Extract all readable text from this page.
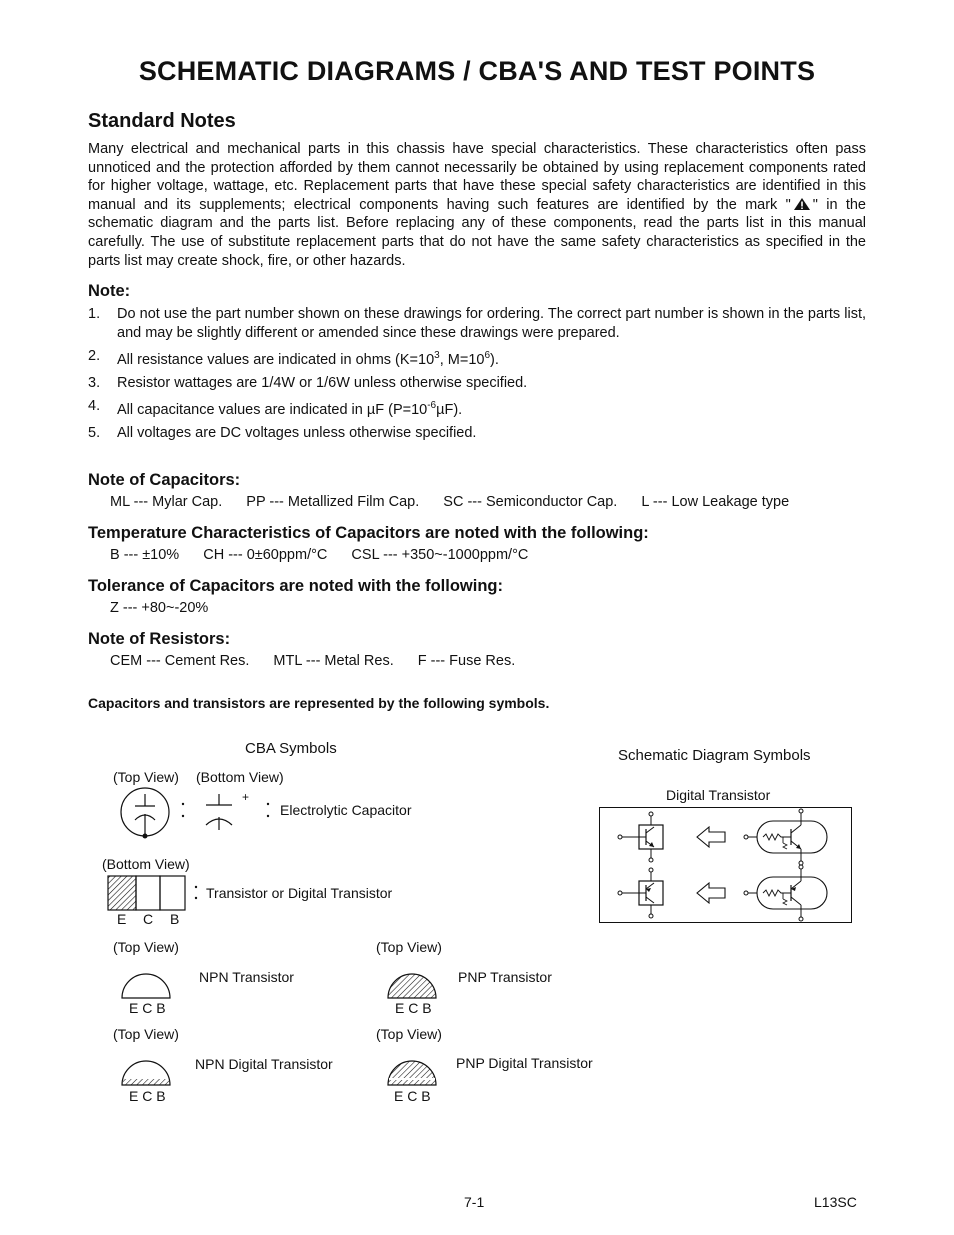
SCHEMATIC DIAGRAMS / CBA'S AND TEST POINTS
Standard Notes
Many electrical and mechanical parts in this chassis have special characteristics. These characteristics often pass unnoticed and the protection afforded by them cannot necessarily be obtained by using replacement components rated for higher voltage, wattage, etc. Replacement parts that have these special safety characteristics are identified in this manual and its supplements; electrical components having such features are identified by the mark " " in the schematic diagram and the parts list. Before replacing any of these components, read the parts list in this manual carefully. The use of substitute replacement parts that do not have the same safety characteristics as specified in the parts list may create shock, fire, or other hazards.
Note:
1. Do not use the part number shown on these drawings for ordering. The correct part number is shown in the parts list, and may be slightly different or amended since these drawings were prepared.
2. All resistance values are indicated in ohms ($K=10^3$, $M=10^6$).
3. Resistor wattages are 1/4W or 1/6W unless otherwise specified.
4. All capacitance values are indicated in µF $(P=10^{-6}\mu F)$.
5. All voltages are DC voltages unless otherwise specified.
Note of Capacitors:
ML --- Mylar Cap. PP --- Metallized Film Cap. SC --- Semiconductor Cap. L --- Low Leakage type
Temperature Characteristics of Capacitors are noted with the following:
B --- ±10% CH --- 0±60ppm/°C CSL --- +350~-1000ppm/°C
Tolerance of Capacitors are noted with the following:
Z --- +80~-20%
Note of Resistors:
CEM --- Cement Res. MTL --- Metal Res. F --- Fuse Res.
Capacitors and transistors are represented by the following symbols.
CBA Symbols
(Top View) (Bottom View)
+
Electrolytic Capacitor
(Bottom View)
Transistor or Digital Transistor
E C B
(Top View)	(Top View)
NPN Transistor
E C B
PNP Transistor
E C B
(Top View)	(Top View)
NPN Digital Transistor
E C B
PNP Digital Transistor
E C B
Schematic Diagram Symbols
Digital Transistor
7-1	L13SC
